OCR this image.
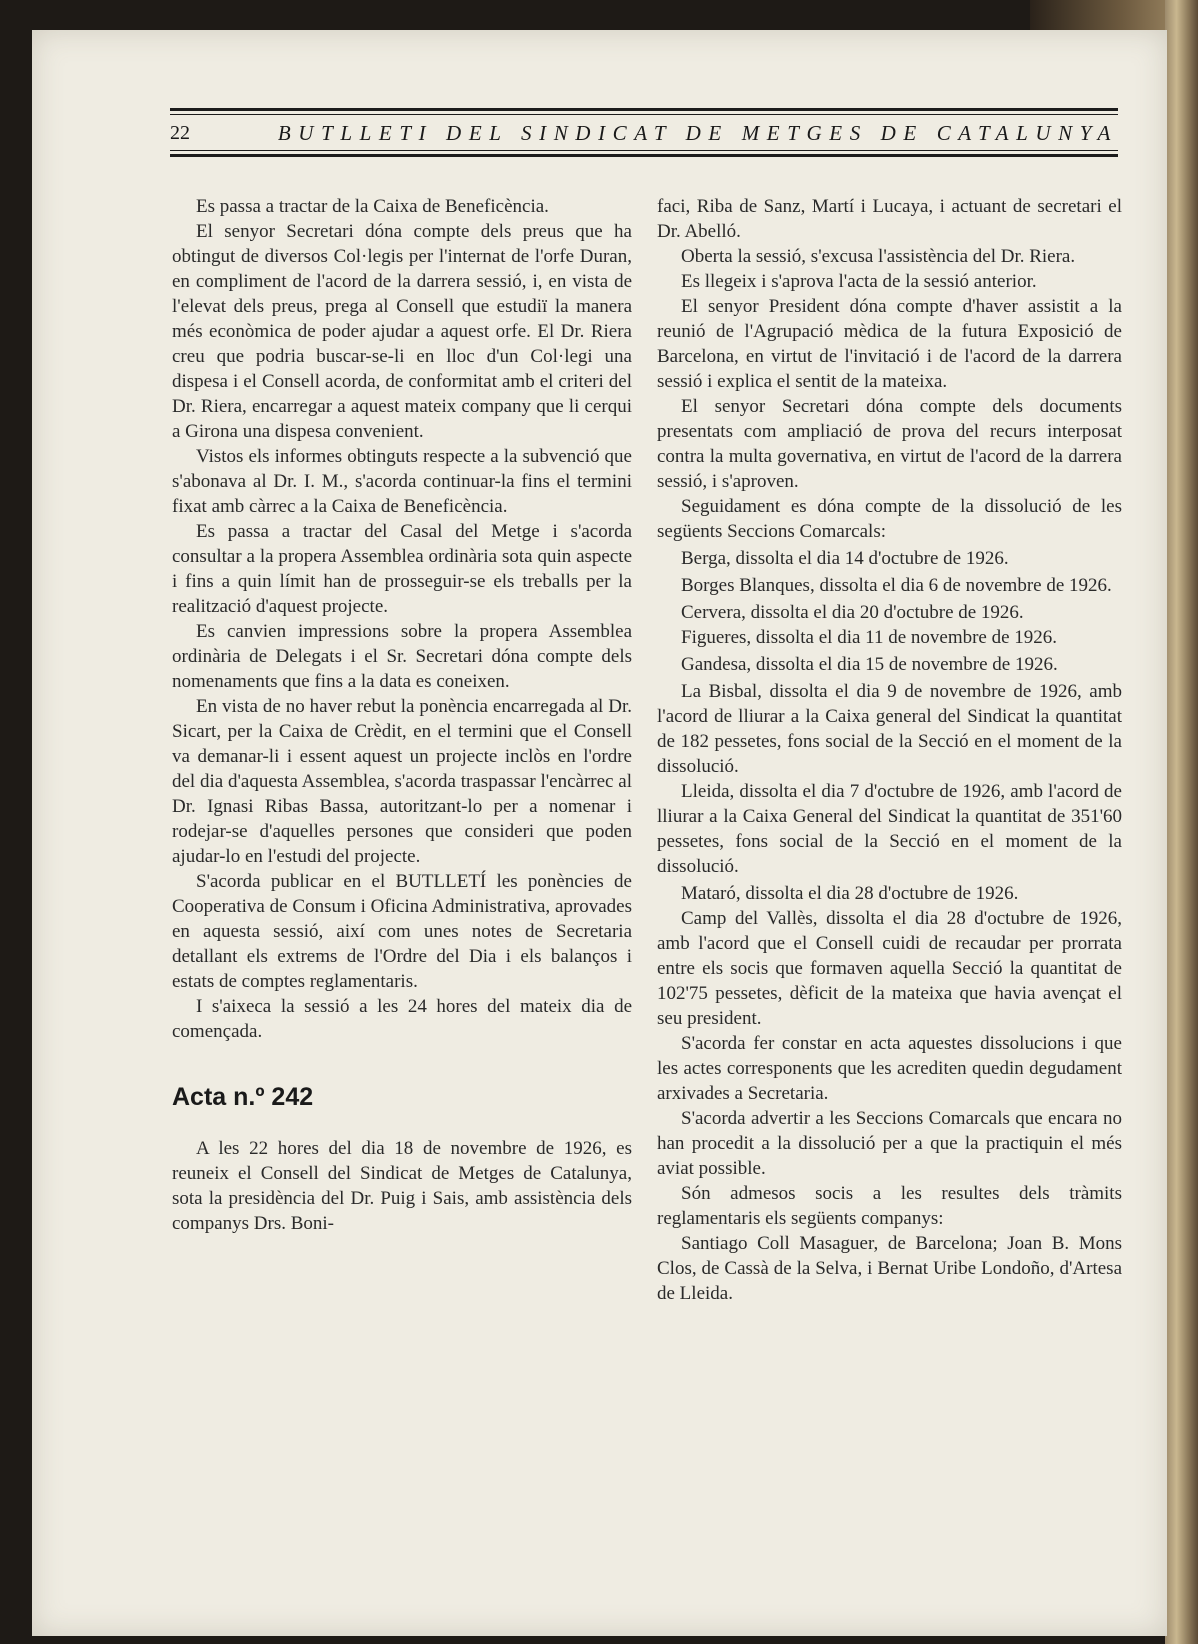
22	BUTLLETI DEL SINDICAT DE METGES DE CATALUNYA

Es passa a tractar de la Caixa de Beneficència.

El senyor Secretari dóna compte dels preus que ha obtingut de diversos Col·legis per l'internat de l'orfe Duran, en compliment de l'acord de la darrera sessió, i, en vista de l'elevat dels preus, prega al Consell que estudiï la manera més econòmica de poder ajudar a aquest orfe. El Dr. Riera creu que podria buscar-se-li en lloc d'un Col·legi una dispesa i el Consell acorda, de conformitat amb el criteri del Dr. Riera, encarregar a aquest mateix company que li cerqui a Girona una dispesa convenient.

Vistos els informes obtinguts respecte a la subvenció que s'abonava al Dr. I. M., s'acorda continuar-la fins el termini fixat amb càrrec a la Caixa de Beneficència.

Es passa a tractar del Casal del Metge i s'acorda consultar a la propera Assemblea ordinària sota quin aspecte i fins a quin límit han de prosseguir-se els treballs per la realització d'aquest projecte.

Es canvien impressions sobre la propera Assemblea ordinària de Delegats i el Sr. Secretari dóna compte dels nomenaments que fins a la data es coneixen.

En vista de no haver rebut la ponència encarregada al Dr. Sicart, per la Caixa de Crèdit, en el termini que el Consell va demanar-li i essent aquest un projecte inclòs en l'ordre del dia d'aquesta Assemblea, s'acorda traspassar l'encàrrec al Dr. Ignasi Ribas Bassa, autoritzant-lo per a nomenar i rodejar-se d'aquelles persones que consideri que poden ajudar-lo en l'estudi del projecte.

S'acorda publicar en el BUTLLETÍ les ponències de Cooperativa de Consum i Oficina Administrativa, aprovades en aquesta sessió, així com unes notes de Secretaria detallant els extrems de l'Ordre del Dia i els balanços i estats de comptes reglamentaris.

I s'aixeca la sessió a les 24 hores del mateix dia de començada.

Acta n.º 242

A les 22 hores del dia 18 de novembre de 1926, es reuneix el Consell del Sindicat de Metges de Catalunya, sota la presidència del Dr. Puig i Sais, amb assistència dels companys Drs. Boni-

faci, Riba de Sanz, Martí i Lucaya, i actuant de secretari el Dr. Abelló.

Oberta la sessió, s'excusa l'assistència del Dr. Riera.

Es llegeix i s'aprova l'acta de la sessió anterior.

El senyor President dóna compte d'haver assistit a la reunió de l'Agrupació mèdica de la futura Exposició de Barcelona, en virtut de l'invitació i de l'acord de la darrera sessió i explica el sentit de la mateixa.

El senyor Secretari dóna compte dels documents presentats com ampliació de prova del recurs interposat contra la multa governativa, en virtut de l'acord de la darrera sessió, i s'aproven.

Seguidament es dóna compte de la dissolució de les següents Seccions Comarcals:

Berga, dissolta el dia 14 d'octubre de 1926.

Borges Blanques, dissolta el dia 6 de novembre de 1926.

Cervera, dissolta el dia 20 d'octubre de 1926.

Figueres, dissolta el dia 11 de novembre de 1926.

Gandesa, dissolta el dia 15 de novembre de 1926.

La Bisbal, dissolta el dia 9 de novembre de 1926, amb l'acord de lliurar a la Caixa general del Sindicat la quantitat de 182 pessetes, fons social de la Secció en el moment de la dissolució.

Lleida, dissolta el dia 7 d'octubre de 1926, amb l'acord de lliurar a la Caixa General del Sindicat la quantitat de 351'60 pessetes, fons social de la Secció en el moment de la dissolució.

Mataró, dissolta el dia 28 d'octubre de 1926.

Camp del Vallès, dissolta el dia 28 d'octubre de 1926, amb l'acord que el Consell cuidi de recaudar per prorrata entre els socis que formaven aquella Secció la quantitat de 102'75 pessetes, dèficit de la mateixa que havia avençat el seu president.

S'acorda fer constar en acta aquestes dissolucions i que les actes corresponents que les acrediten quedin degudament arxivades a Secretaria.

S'acorda advertir a les Seccions Comarcals que encara no han procedit a la dissolució per a que la practiquin el més aviat possible.

Són admesos socis a les resultes dels tràmits reglamentaris els següents companys:

Santiago Coll Masaguer, de Barcelona; Joan B. Mons Clos, de Cassà de la Selva, i Bernat Uribe Londoño, d'Artesa de Lleida.
